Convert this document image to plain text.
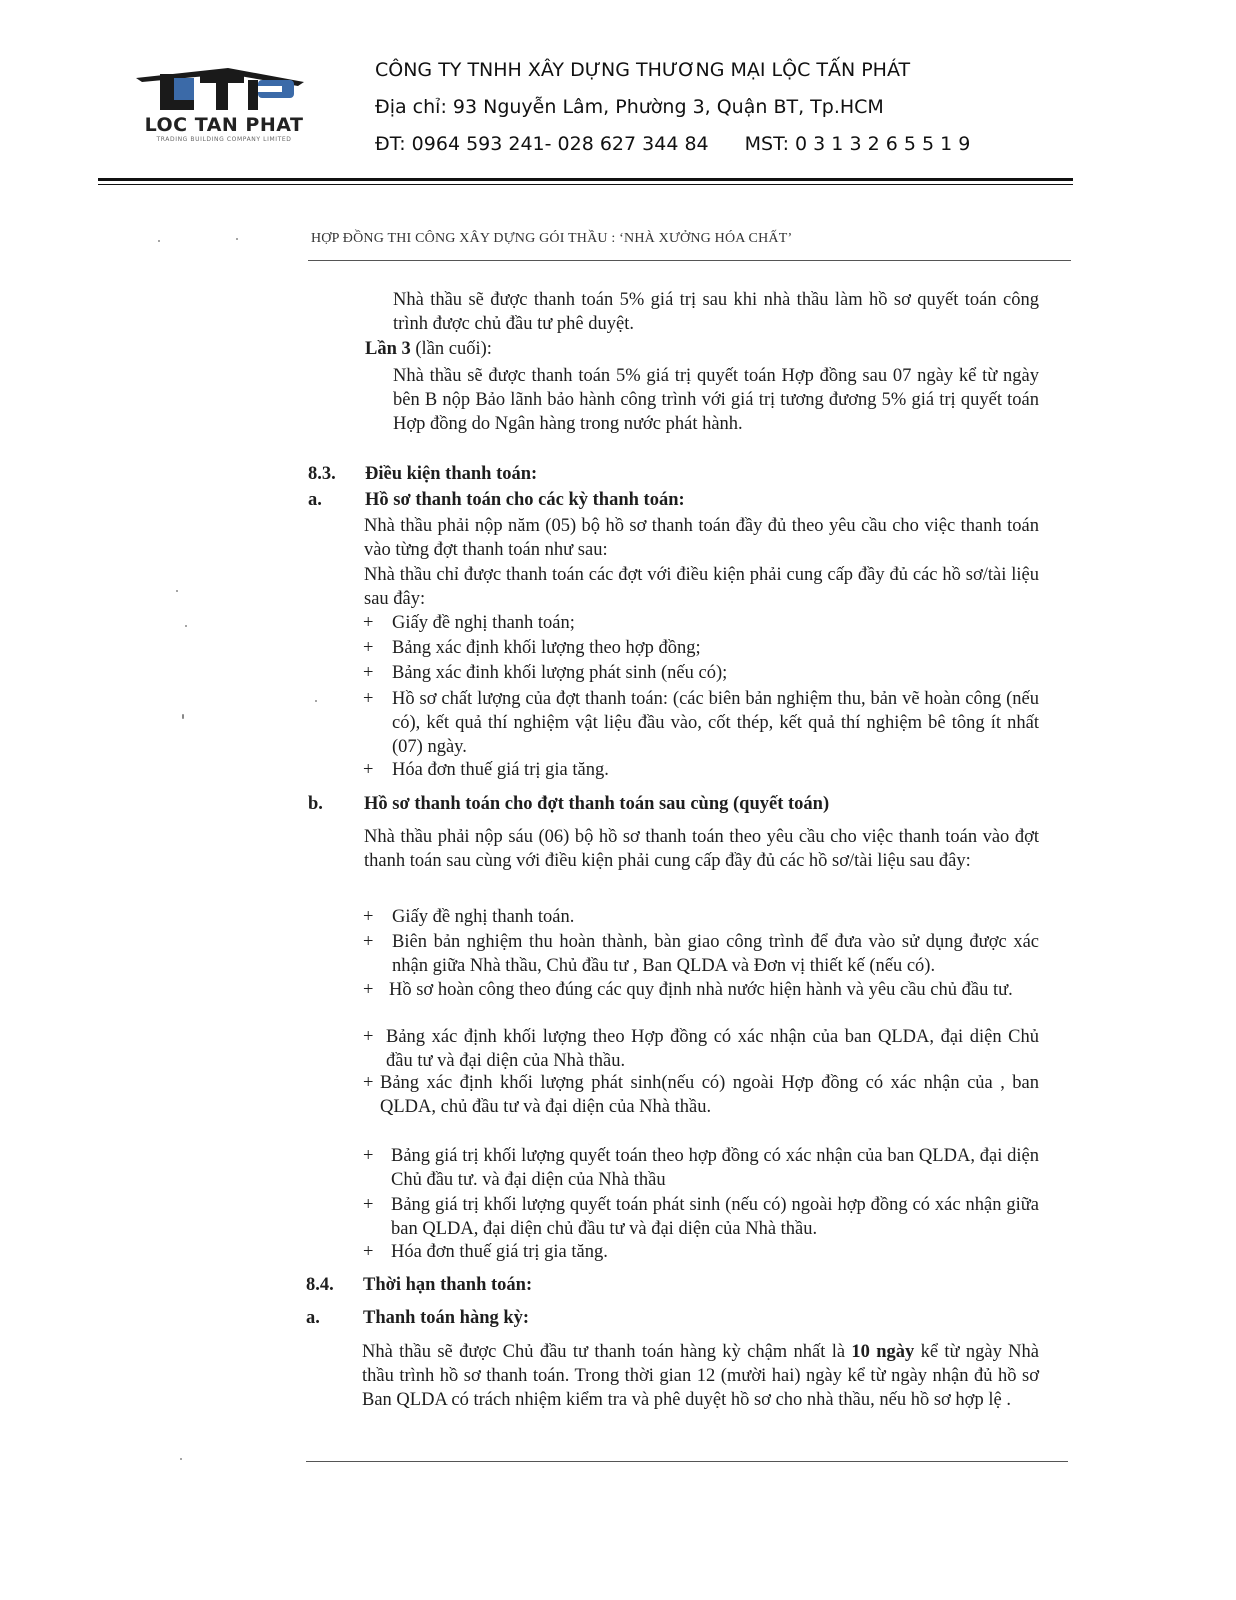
LOC TAN PHAT
TRADING BUILDING COMPANY LIMITED
CÔNG TY TNHH XÂY DỰNG THƯƠNG MẠI LỘC TẤN PHÁT
Địa chỉ: 93 Nguyễn Lâm, Phường 3, Quận BT, Tp.HCM
ĐT: 0964 593 241- 028 627 344 84 MST: 0 3 1 3 2 6 5 5 1 9
HỢP ĐỒNG THI CÔNG XÂY DỰNG GÓI THẦU : ‘NHÀ XƯỞNG HÓA CHẤT’
Nhà thầu sẽ được thanh toán 5% giá trị sau khi nhà thầu làm hồ sơ quyết toán công trình được chủ đầu tư phê duyệt.
Lần 3 (lần cuối):
Nhà thầu sẽ được thanh toán 5% giá trị quyết toán Hợp đồng sau 07 ngày kể từ ngày bên B nộp Bảo lãnh bảo hành công trình với giá trị tương đương 5% giá trị quyết toán Hợp đồng do Ngân hàng trong nước phát hành.
8.3. Điều kiện thanh toán:
a. Hồ sơ thanh toán cho các kỳ thanh toán:
Nhà thầu phải nộp năm (05) bộ hồ sơ thanh toán đầy đủ theo yêu cầu cho việc thanh toán vào từng đợt thanh toán như sau:
Nhà thầu chỉ được thanh toán các đợt với điều kiện phải cung cấp đầy đủ các hồ sơ/tài liệu sau đây:
+ Giấy đề nghị thanh toán;
+ Bảng xác định khối lượng theo hợp đồng;
+ Bảng xác đinh khối lượng phát sinh (nếu có);
+ Hồ sơ chất lượng của đợt thanh toán: (các biên bản nghiệm thu, bản vẽ hoàn công (nếu có), kết quả thí nghiệm vật liệu đầu vào, cốt thép, kết quả thí nghiệm bê tông ít nhất (07) ngày.
+ Hóa đơn thuế giá trị gia tăng.
b. Hồ sơ thanh toán cho đợt thanh toán sau cùng (quyết toán)
Nhà thầu phải nộp sáu (06) bộ hồ sơ thanh toán theo yêu cầu cho việc thanh toán vào đợt thanh toán sau cùng với điều kiện phải cung cấp đầy đủ các hồ sơ/tài liệu sau đây:
+ Giấy đề nghị thanh toán.
+ Biên bản nghiệm thu hoàn thành, bàn giao công trình để đưa vào sử dụng được xác nhận giữa Nhà thầu, Chủ đầu tư , Ban QLDA và Đơn vị thiết kế (nếu có).
+ Hồ sơ hoàn công theo đúng các quy định nhà nước hiện hành và yêu cầu chủ đầu tư.
+ Bảng xác định khối lượng theo Hợp đồng có xác nhận của ban QLDA, đại diện Chủ đầu tư và đại diện của Nhà thầu.
+ Bảng xác định khối lượng phát sinh(nếu có) ngoài Hợp đồng có xác nhận của , ban QLDA, chủ đầu tư và đại diện của Nhà thầu.
+ Bảng giá trị khối lượng quyết toán theo hợp đồng có xác nhận của ban QLDA, đại diện Chủ đầu tư. và đại diện của Nhà thầu
+ Bảng giá trị khối lượng quyết toán phát sinh (nếu có) ngoài hợp đồng có xác nhận giữa ban QLDA, đại diện chủ đầu tư và đại diện của Nhà thầu.
+ Hóa đơn thuế giá trị gia tăng.
8.4. Thời hạn thanh toán:
a. Thanh toán hàng kỳ:
Nhà thầu sẽ được Chủ đầu tư thanh toán hàng kỳ chậm nhất là 10 ngày kể từ ngày Nhà thầu trình hồ sơ thanh toán. Trong thời gian 12 (mười hai) ngày kể từ ngày nhận đủ hồ sơ Ban QLDA có trách nhiệm kiểm tra và phê duyệt hồ sơ cho nhà thầu, nếu hồ sơ hợp lệ .
